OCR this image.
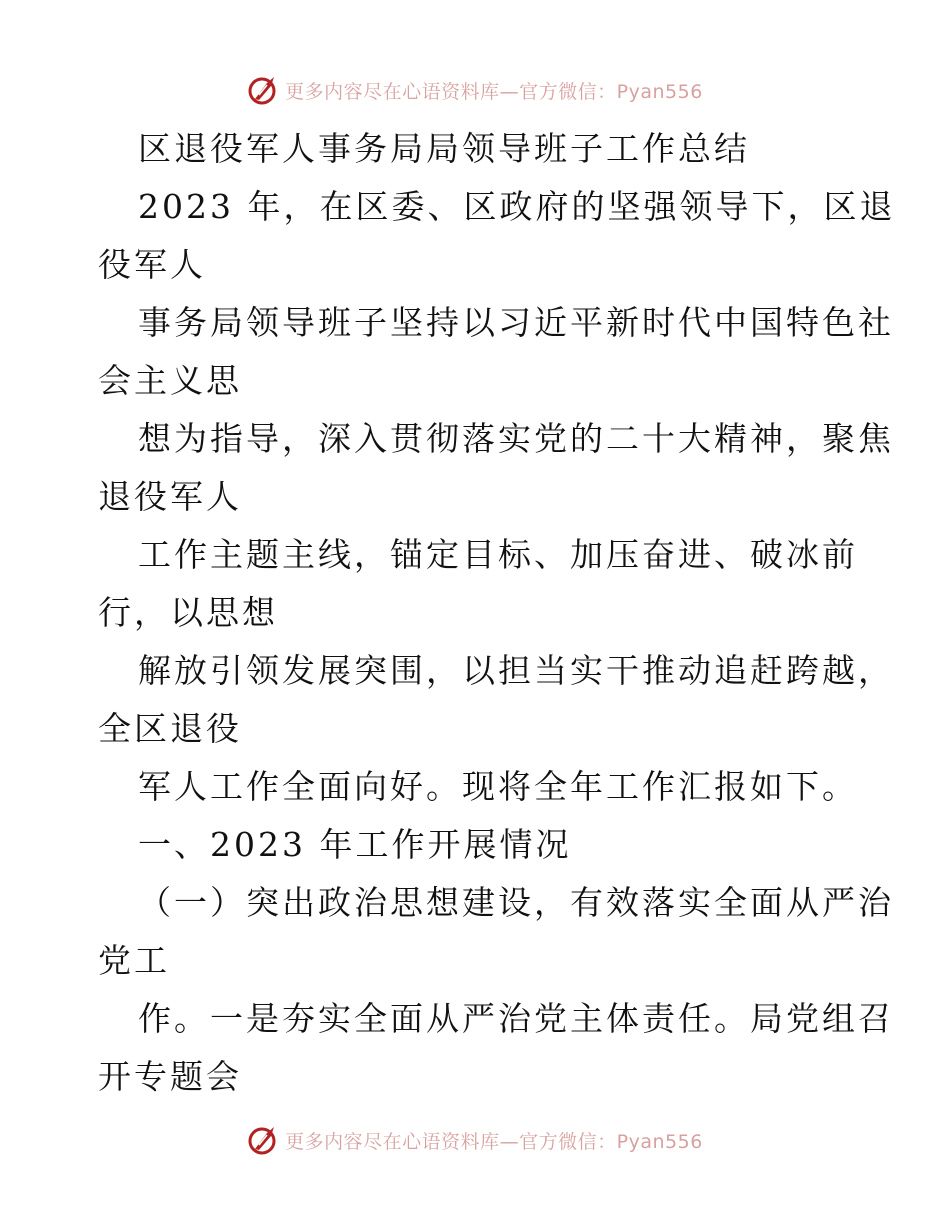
更多内容尽在心语资料库—官方微信：Pyan556
区退役军人事务局局领导班子工作总结
2023 年，在区委、区政府的坚强领导下，区退
役军人
事务局领导班子坚持以习近平新时代中国特色社
会主义思
想为指导，深入贯彻落实党的二十大精神，聚焦
退役军人
工作主题主线，锚定目标、加压奋进、破冰前
行，以思想
解放引领发展突围，以担当实干推动追赶跨越，
全区退役
军人工作全面向好。现将全年工作汇报如下。
一、2023 年工作开展情况
（一）突出政治思想建设，有效落实全面从严治
党工
作。一是夯实全面从严治党主体责任。局党组召
开专题会
更多内容尽在心语资料库—官方微信：Pyan556
